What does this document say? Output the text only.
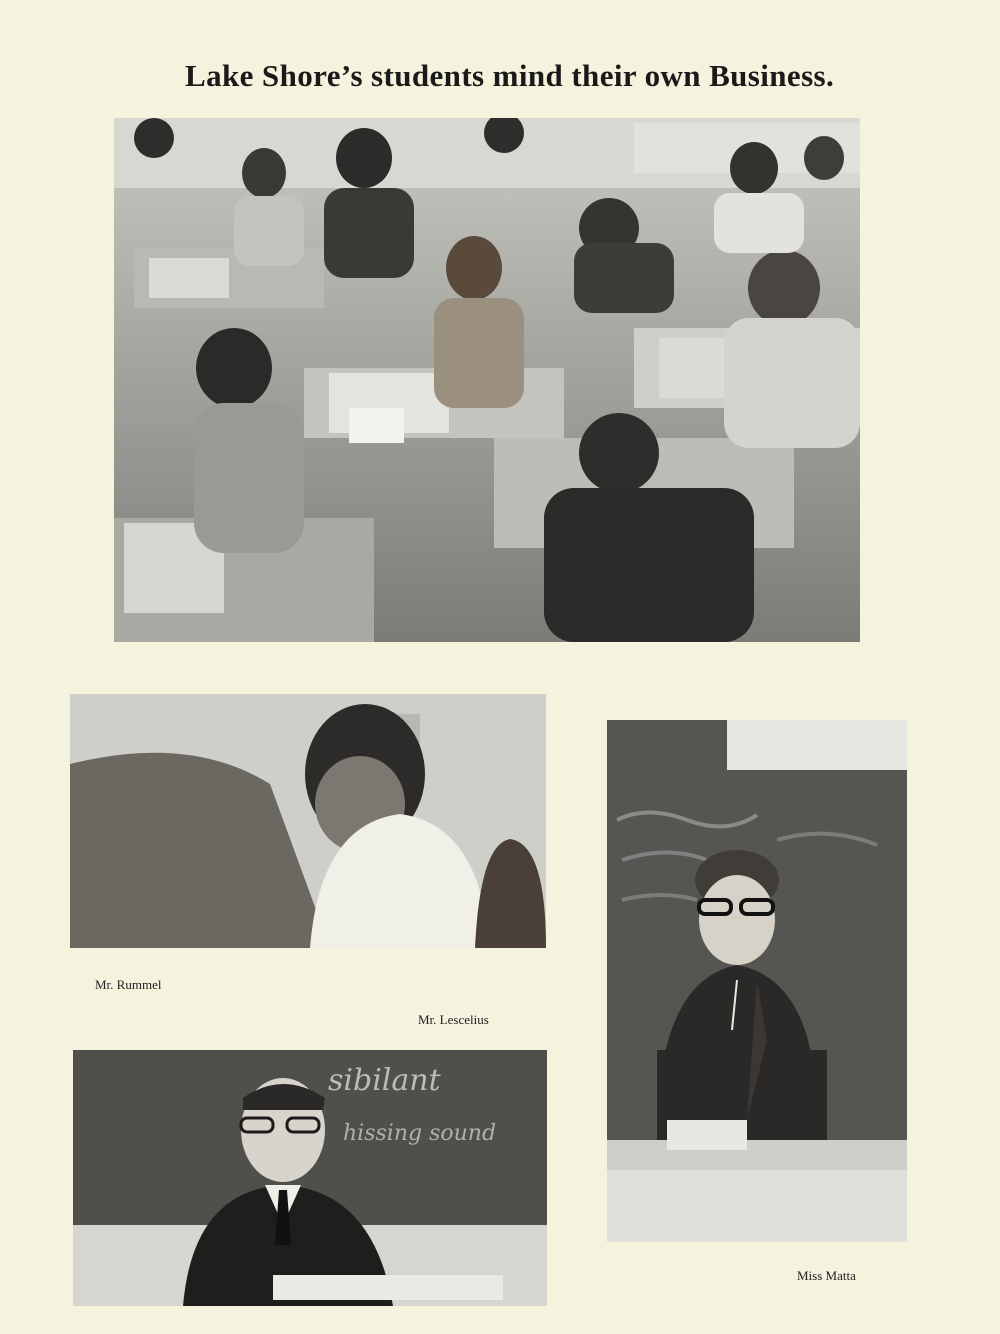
Lake Shore’s students mind their own Business.
Mr. Rummel
Mr. Lescelius
sibilant
hissing sound
Miss Matta
